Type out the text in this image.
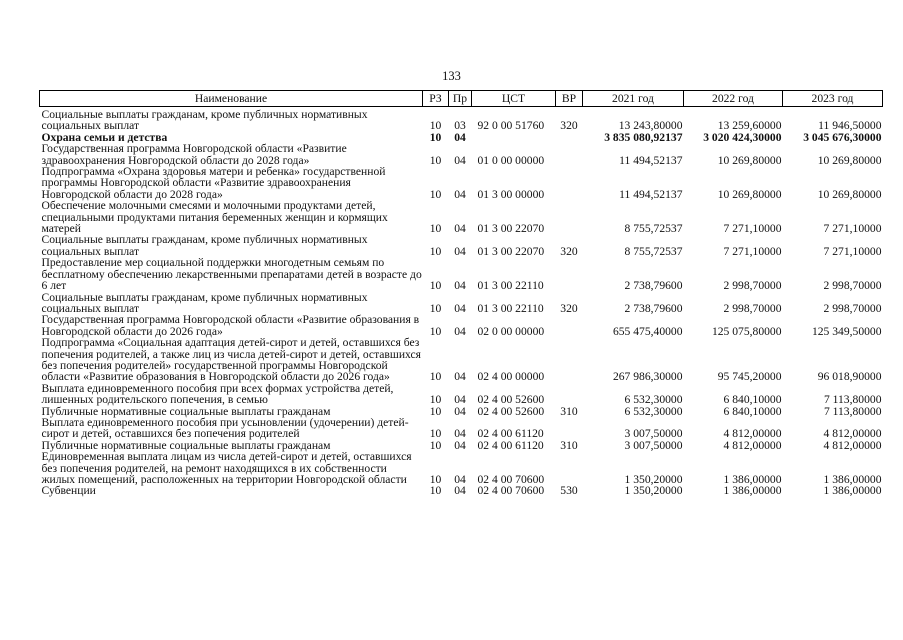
133
Наименование	РЗ	Пр	ЦСТ	ВР	2021 год	2022 год	2023 год
Социальные выплаты гражданам, кроме публичных нормативных социальных выплат	10	03	92 0 00 51760	320	13 243,80000	13 259,60000	11 946,50000
Охрана семьи и детства	10	04			3 835 080,92137	3 020 424,30000	3 045 676,30000
Государственная программа Новгородской области «Развитие здравоохранения Новгородской области до 2028 года»	10	04	01 0 00 00000		11 494,52137	10 269,80000	10 269,80000
Подпрограмма «Охрана здоровья матери и ребенка» государственной программы Новгородской области «Развитие здравоохранения Новгородской области до 2028 года»	10	04	01 3 00 00000		11 494,52137	10 269,80000	10 269,80000
Обеспечение молочными смесями и молочными продуктами детей, специальными продуктами питания беременных женщин и кормящих матерей	10	04	01 3 00 22070		8 755,72537	7 271,10000	7 271,10000
Социальные выплаты гражданам, кроме публичных нормативных социальных выплат	10	04	01 3 00 22070	320	8 755,72537	7 271,10000	7 271,10000
Предоставление мер социальной поддержки многодетным семьям по бесплатному обеспечению лекарственными препаратами детей в возрасте до 6 лет	10	04	01 3 00 22110		2 738,79600	2 998,70000	2 998,70000
Социальные выплаты гражданам, кроме публичных нормативных социальных выплат	10	04	01 3 00 22110	320	2 738,79600	2 998,70000	2 998,70000
Государственная программа Новгородской области «Развитие образования в Новгородской области до 2026 года»	10	04	02 0 00 00000		655 475,40000	125 075,80000	125 349,50000
Подпрограмма «Социальная адаптация детей-сирот и детей, оставшихся без попечения родителей, а также лиц из числа детей-сирот и детей, оставшихся без попечения родителей» государственной программы Новгородской области «Развитие образования в Новгородской области до 2026 года»	10	04	02 4 00 00000		267 986,30000	95 745,20000	96 018,90000
Выплата единовременного пособия при всех формах устройства детей, лишенных родительского попечения, в семью	10	04	02 4 00 52600		6 532,30000	6 840,10000	7 113,80000
Публичные нормативные социальные выплаты гражданам	10	04	02 4 00 52600	310	6 532,30000	6 840,10000	7 113,80000
Выплата единовременного пособия при усыновлении (удочерении) детей-сирот и детей, оставшихся без попечения родителей	10	04	02 4 00 61120		3 007,50000	4 812,00000	4 812,00000
Публичные нормативные социальные выплаты гражданам	10	04	02 4 00 61120	310	3 007,50000	4 812,00000	4 812,00000
Единовременная выплата лицам из числа детей-сирот и детей, оставшихся без попечения родителей, на ремонт находящихся в их собственности жилых помещений, расположенных на территории Новгородской области	10	04	02 4 00 70600		1 350,20000	1 386,00000	1 386,00000
Субвенции	10	04	02 4 00 70600	530	1 350,20000	1 386,00000	1 386,00000
